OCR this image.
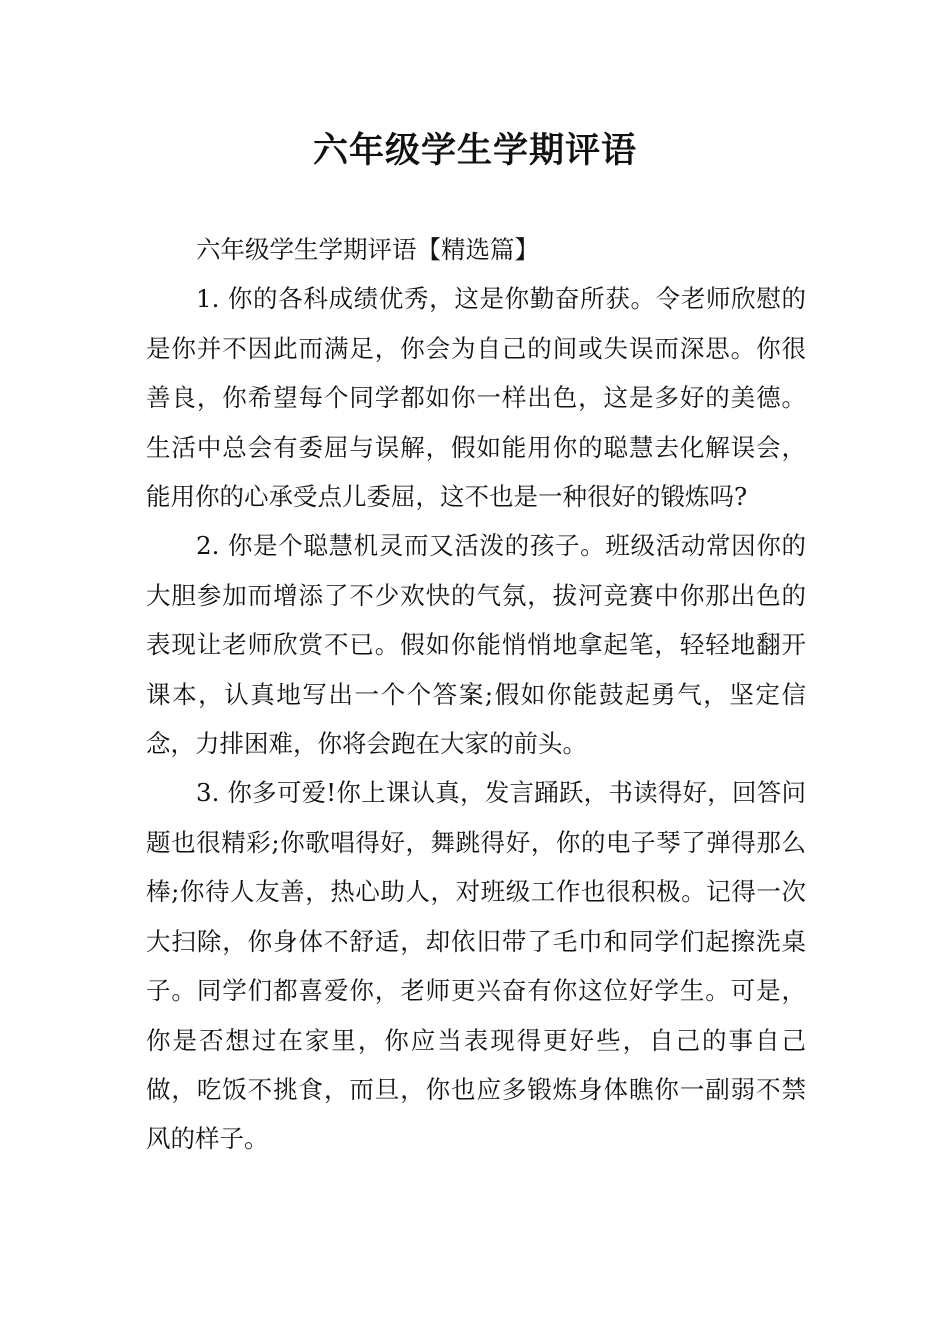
六年级学生学期评语

六年级学生学期评语【精选篇】

1. 你的各科成绩优秀，这是你勤奋所获。令老师欣慰的是你并不因此而满足，你会为自己的间或失误而深思。你很善良，你希望每个同学都如你一样出色，这是多好的美德。生活中总会有委屈与误解，假如能用你的聪慧去化解误会，能用你的心承受点儿委屈，这不也是一种很好的锻炼吗?

2. 你是个聪慧机灵而又活泼的孩子。班级活动常因你的大胆参加而增添了不少欢快的气氛，拔河竞赛中你那出色的表现让老师欣赏不已。假如你能悄悄地拿起笔，轻轻地翻开课本，认真地写出一个个答案;假如你能鼓起勇气，坚定信念，力排困难，你将会跑在大家的前头。

3. 你多可爱!你上课认真，发言踊跃，书读得好，回答问题也很精彩;你歌唱得好，舞跳得好，你的电子琴了弹得那么棒;你待人友善，热心助人，对班级工作也很积极。记得一次大扫除，你身体不舒适，却依旧带了毛巾和同学们起擦洗桌子。同学们都喜爱你，老师更兴奋有你这位好学生。可是，你是否想过在家里，你应当表现得更好些，自己的事自己做，吃饭不挑食，而旦，你也应多锻炼身体瞧你一副弱不禁风的样子。
